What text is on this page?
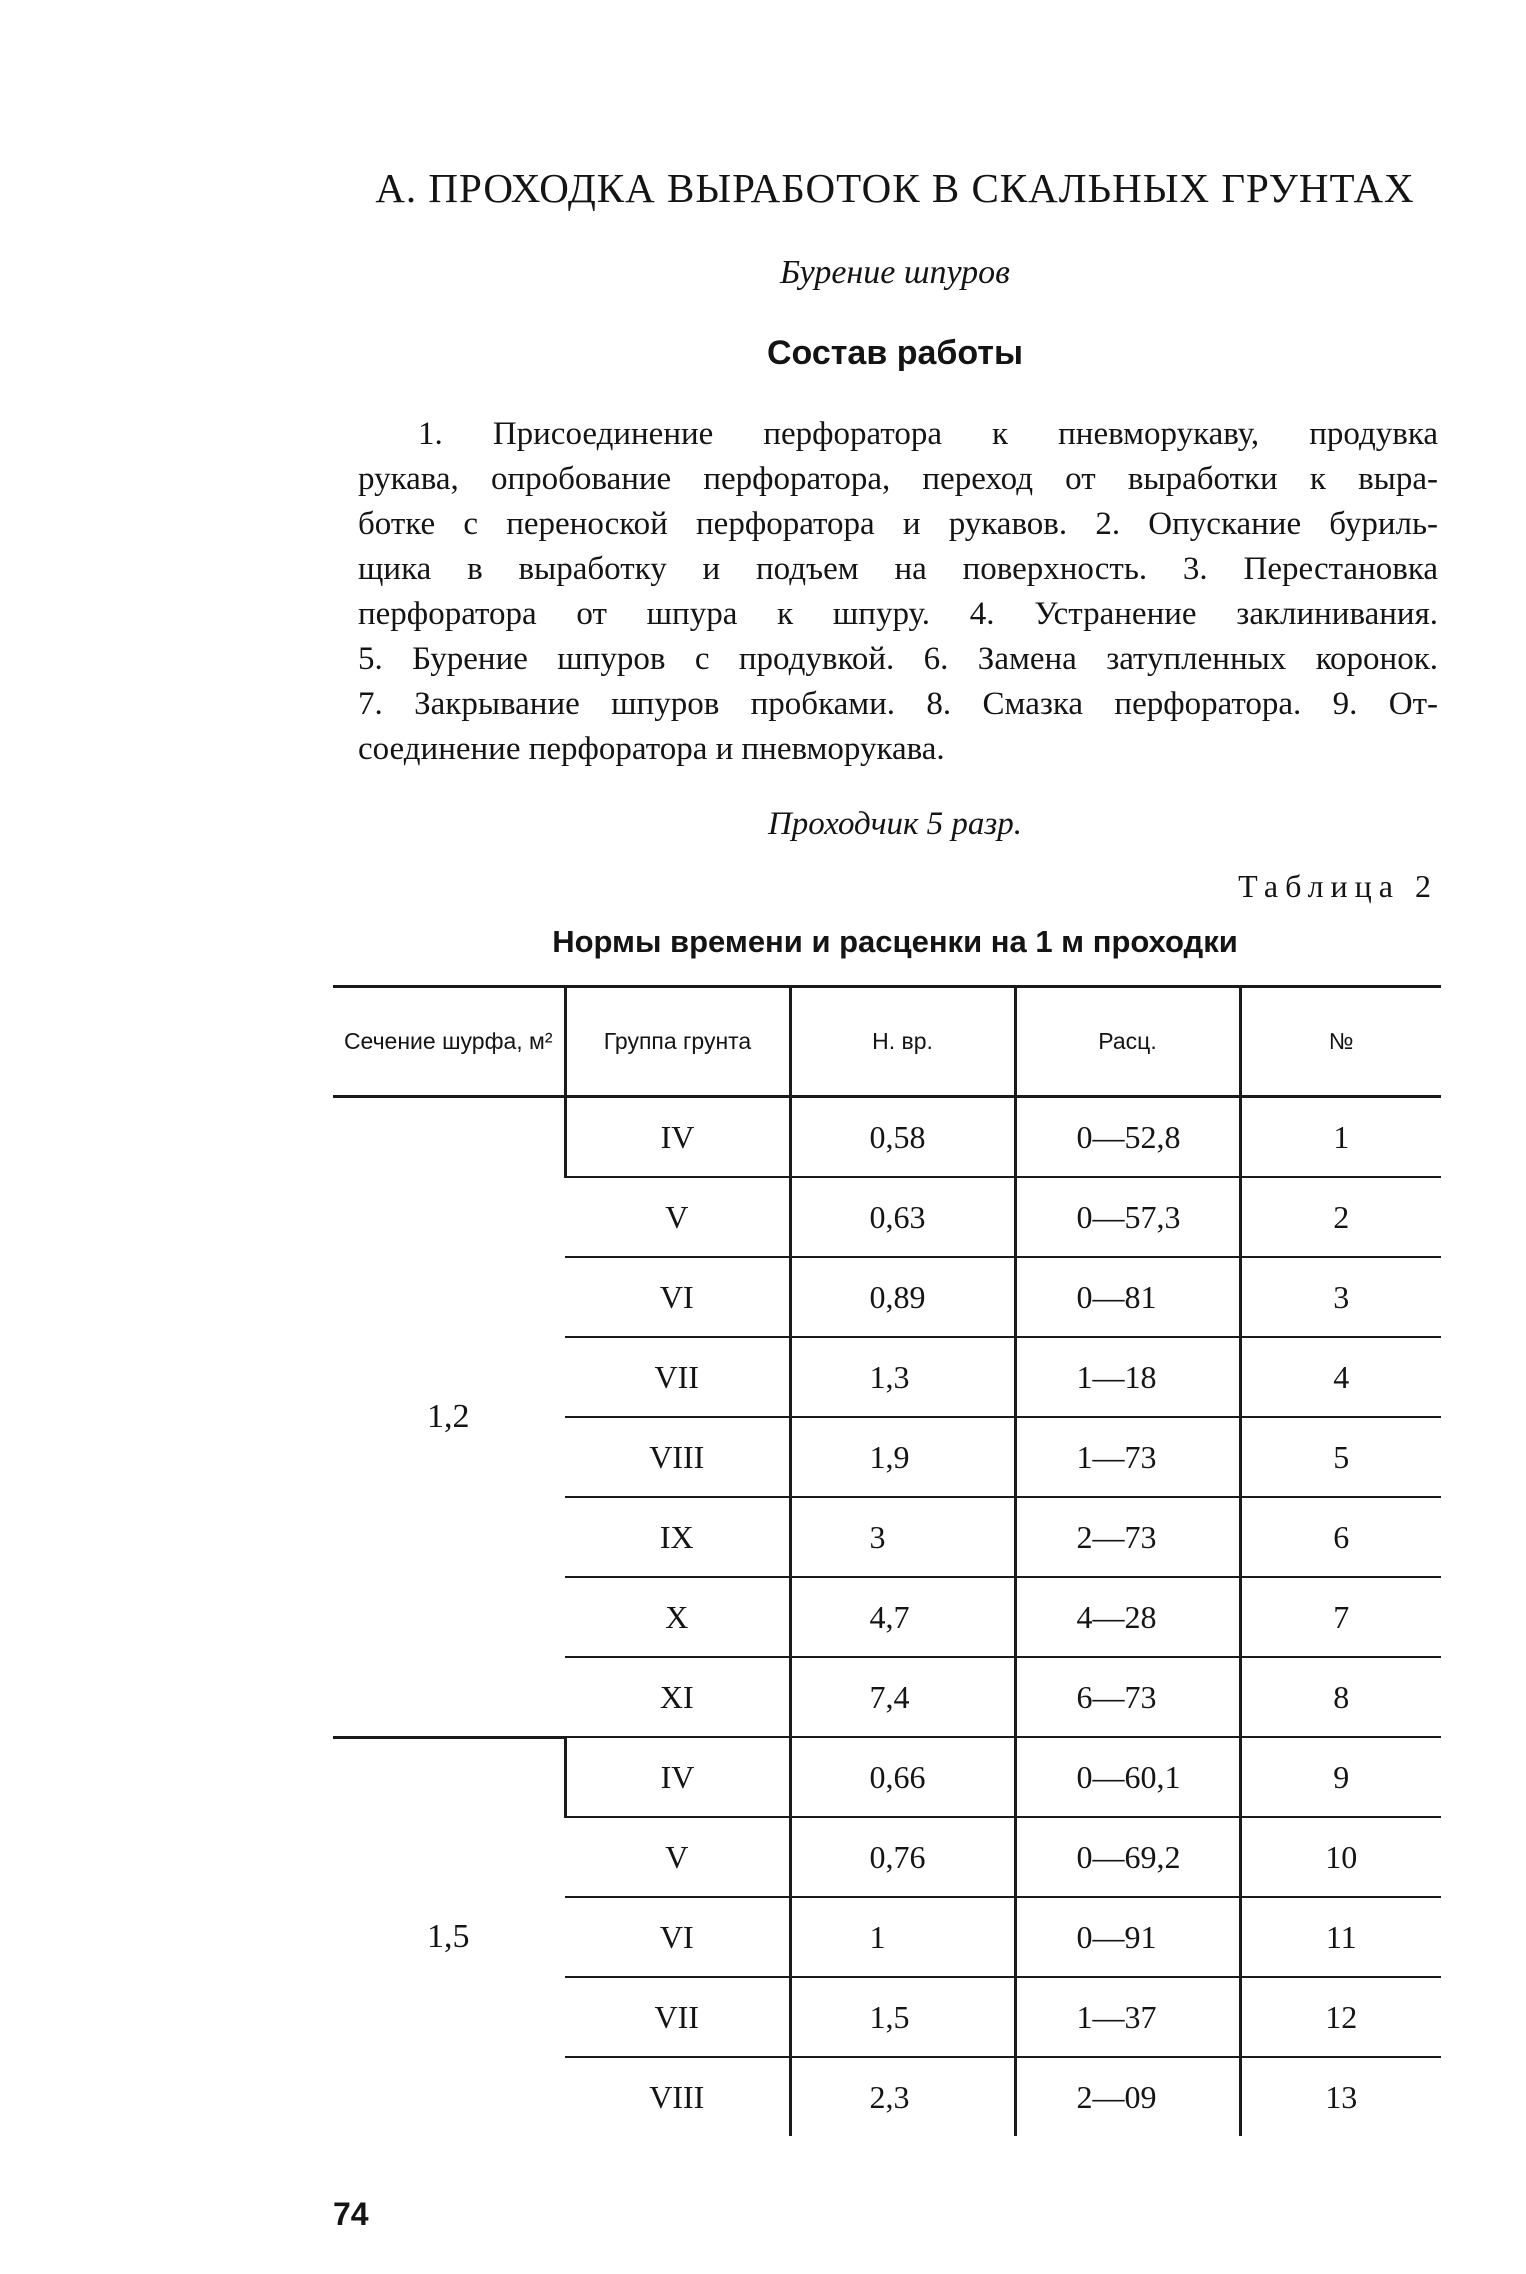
А. ПРОХОДКА ВЫРАБОТОК В СКАЛЬНЫХ ГРУНТАХ
Бурение шпуров
Состав работы

1. Присоединение перфоратора к пневморукаву, продувка
рукава, опробование перфоратора, переход от выработки к выра-
ботке с переноской перфоратора и рукавов. 2. Опускание буриль-
щика в выработку и подъем на поверхность. 3. Перестановка
перфоратора от шпура к шпуру. 4. Устранение заклинивания.
5. Бурение шпуров с продувкой. 6. Замена затупленных коронок.
7. Закрывание шпуров пробками. 8. Смазка перфоратора. 9. От-
соединение перфоратора и пневморукава.

Проходчик 5 разр.
Таблица 2
Нормы времени и расценки на 1 м проходки
Сечение шурфа, м²	Группа грунта	Н. вр.	Расц.	№
1,2	IV	0,58	0—52,8	1
	V	0,63	0—57,3	2
	VI	0,89	0—81	3
	VII	1,3	1—18	4
	VIII	1,9	1—73	5
	IX	3	2—73	6
	X	4,7	4—28	7
	XI	7,4	6—73	8
1,5	IV	0,66	0—60,1	9
	V	0,76	0—69,2	10
	VI	1	0—91	11
	VII	1,5	1—37	12
	VIII	2,3	2—09	13
74
